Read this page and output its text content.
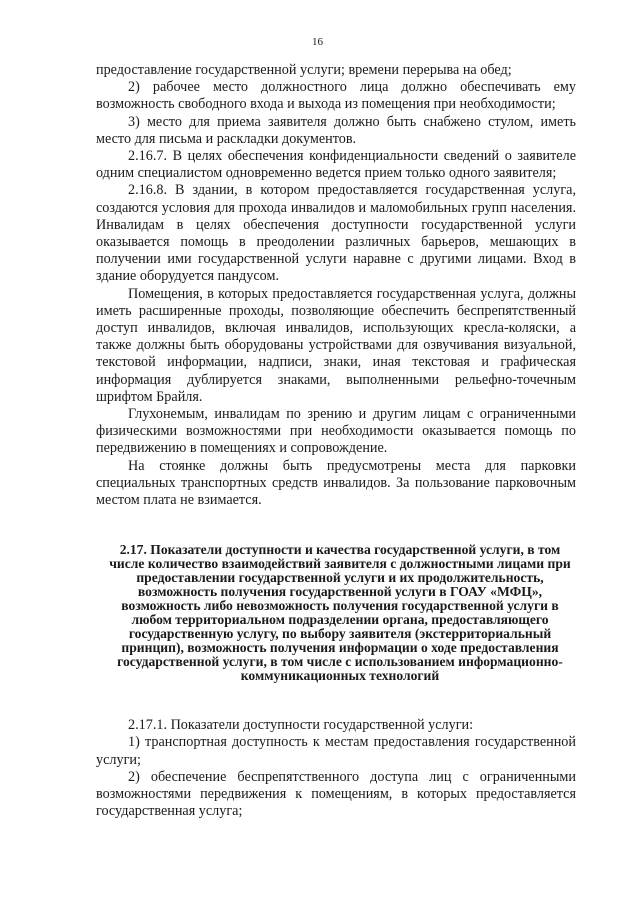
16

предоставление государственной услуги; времени перерыва на обед;

2) рабочее место должностного лица должно обеспечивать ему возможность свободного входа и выхода из помещения при необходимости;

3) место для приема заявителя должно быть снабжено стулом, иметь место для письма и раскладки документов.

2.16.7. В целях обеспечения конфиденциальности сведений о заявителе одним специалистом одновременно ведется прием только одного заявителя;

2.16.8. В здании, в котором предоставляется государственная услуга, создаются условия для прохода инвалидов и маломобильных групп населения. Инвалидам в целях обеспечения доступности государственной услуги оказывается помощь в преодолении различных барьеров, мешающих в получении ими государственной услуги наравне с другими лицами. Вход в здание оборудуется пандусом.

Помещения, в которых предоставляется государственная услуга, должны иметь расширенные проходы, позволяющие обеспечить беспрепятственный доступ инвалидов, включая инвалидов, использующих кресла-коляски, а также должны быть оборудованы устройствами для озвучивания визуальной, текстовой информации, надписи, знаки, иная текстовая и графическая информация дублируется знаками, выполненными рельефно-точечным шрифтом Брайля.

Глухонемым, инвалидам по зрению и другим лицам с ограниченными физическими возможностями при необходимости оказывается помощь по передвижению в помещениях и сопровождение.

На стоянке должны быть предусмотрены места для парковки специальных транспортных средств инвалидов. За пользование парковочным местом плата не взимается.

2.17. Показатели доступности и качества государственной услуги, в том числе количество взаимодействий заявителя с должностными лицами при предоставлении государственной услуги и их продолжительность, возможность получения государственной услуги в ГОАУ «МФЦ», возможность либо невозможность получения государственной услуги в любом территориальном подразделении органа, предоставляющего государственную услугу, по выбору заявителя (экстерриториальный принцип), возможность получения информации о ходе предоставления государственной услуги, в том числе с использованием информационно-коммуникационных технологий

2.17.1. Показатели доступности государственной услуги:

1) транспортная доступность к местам предоставления государственной услуги;

2) обеспечение беспрепятственного доступа лиц с ограниченными возможностями передвижения к помещениям, в которых предоставляется государственная услуга;
